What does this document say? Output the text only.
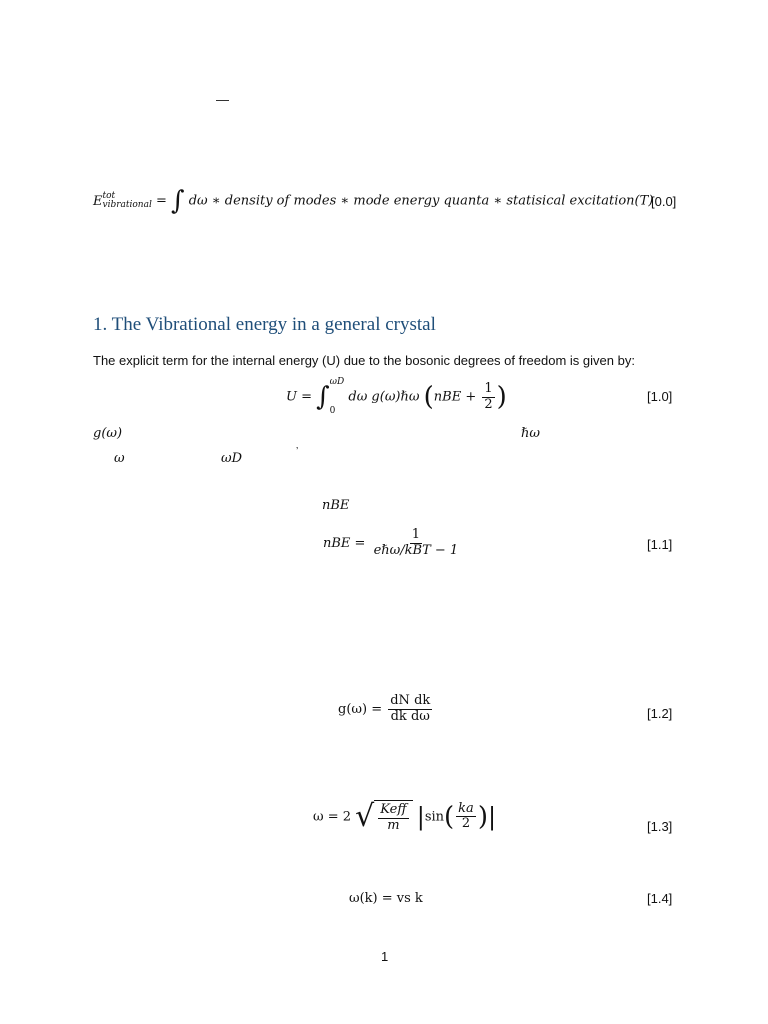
—
E tot
vibrational = ∫ dω ∗ density of modes ∗ mode energy quanta ∗ statisical excitation(T)
[0.0]
1. The Vibrational energy in a general crystal
The explicit term for the internal energy (U) due to the bosonic degrees of freedom is given by:
U = ∫ ωD
0
dω g(ω)ℏω ($nBE + \frac{1}{2}$ )	[1.0]
g(ω)	ℏω
ω	ωD	’
nBE
nBE = $\frac{1}{\text{eℏω/kBT − 1}}$	[1.1]
$g(\omega) = \frac{\text{dN dk}}{\text{dk dω}}$	[1.2]
ω = 2 √ $\frac{\text{Keff}}{m} |\sin( \frac{ka}{2}$ )|	[1.3]
ω(k) = vs k	[1.4]
1
